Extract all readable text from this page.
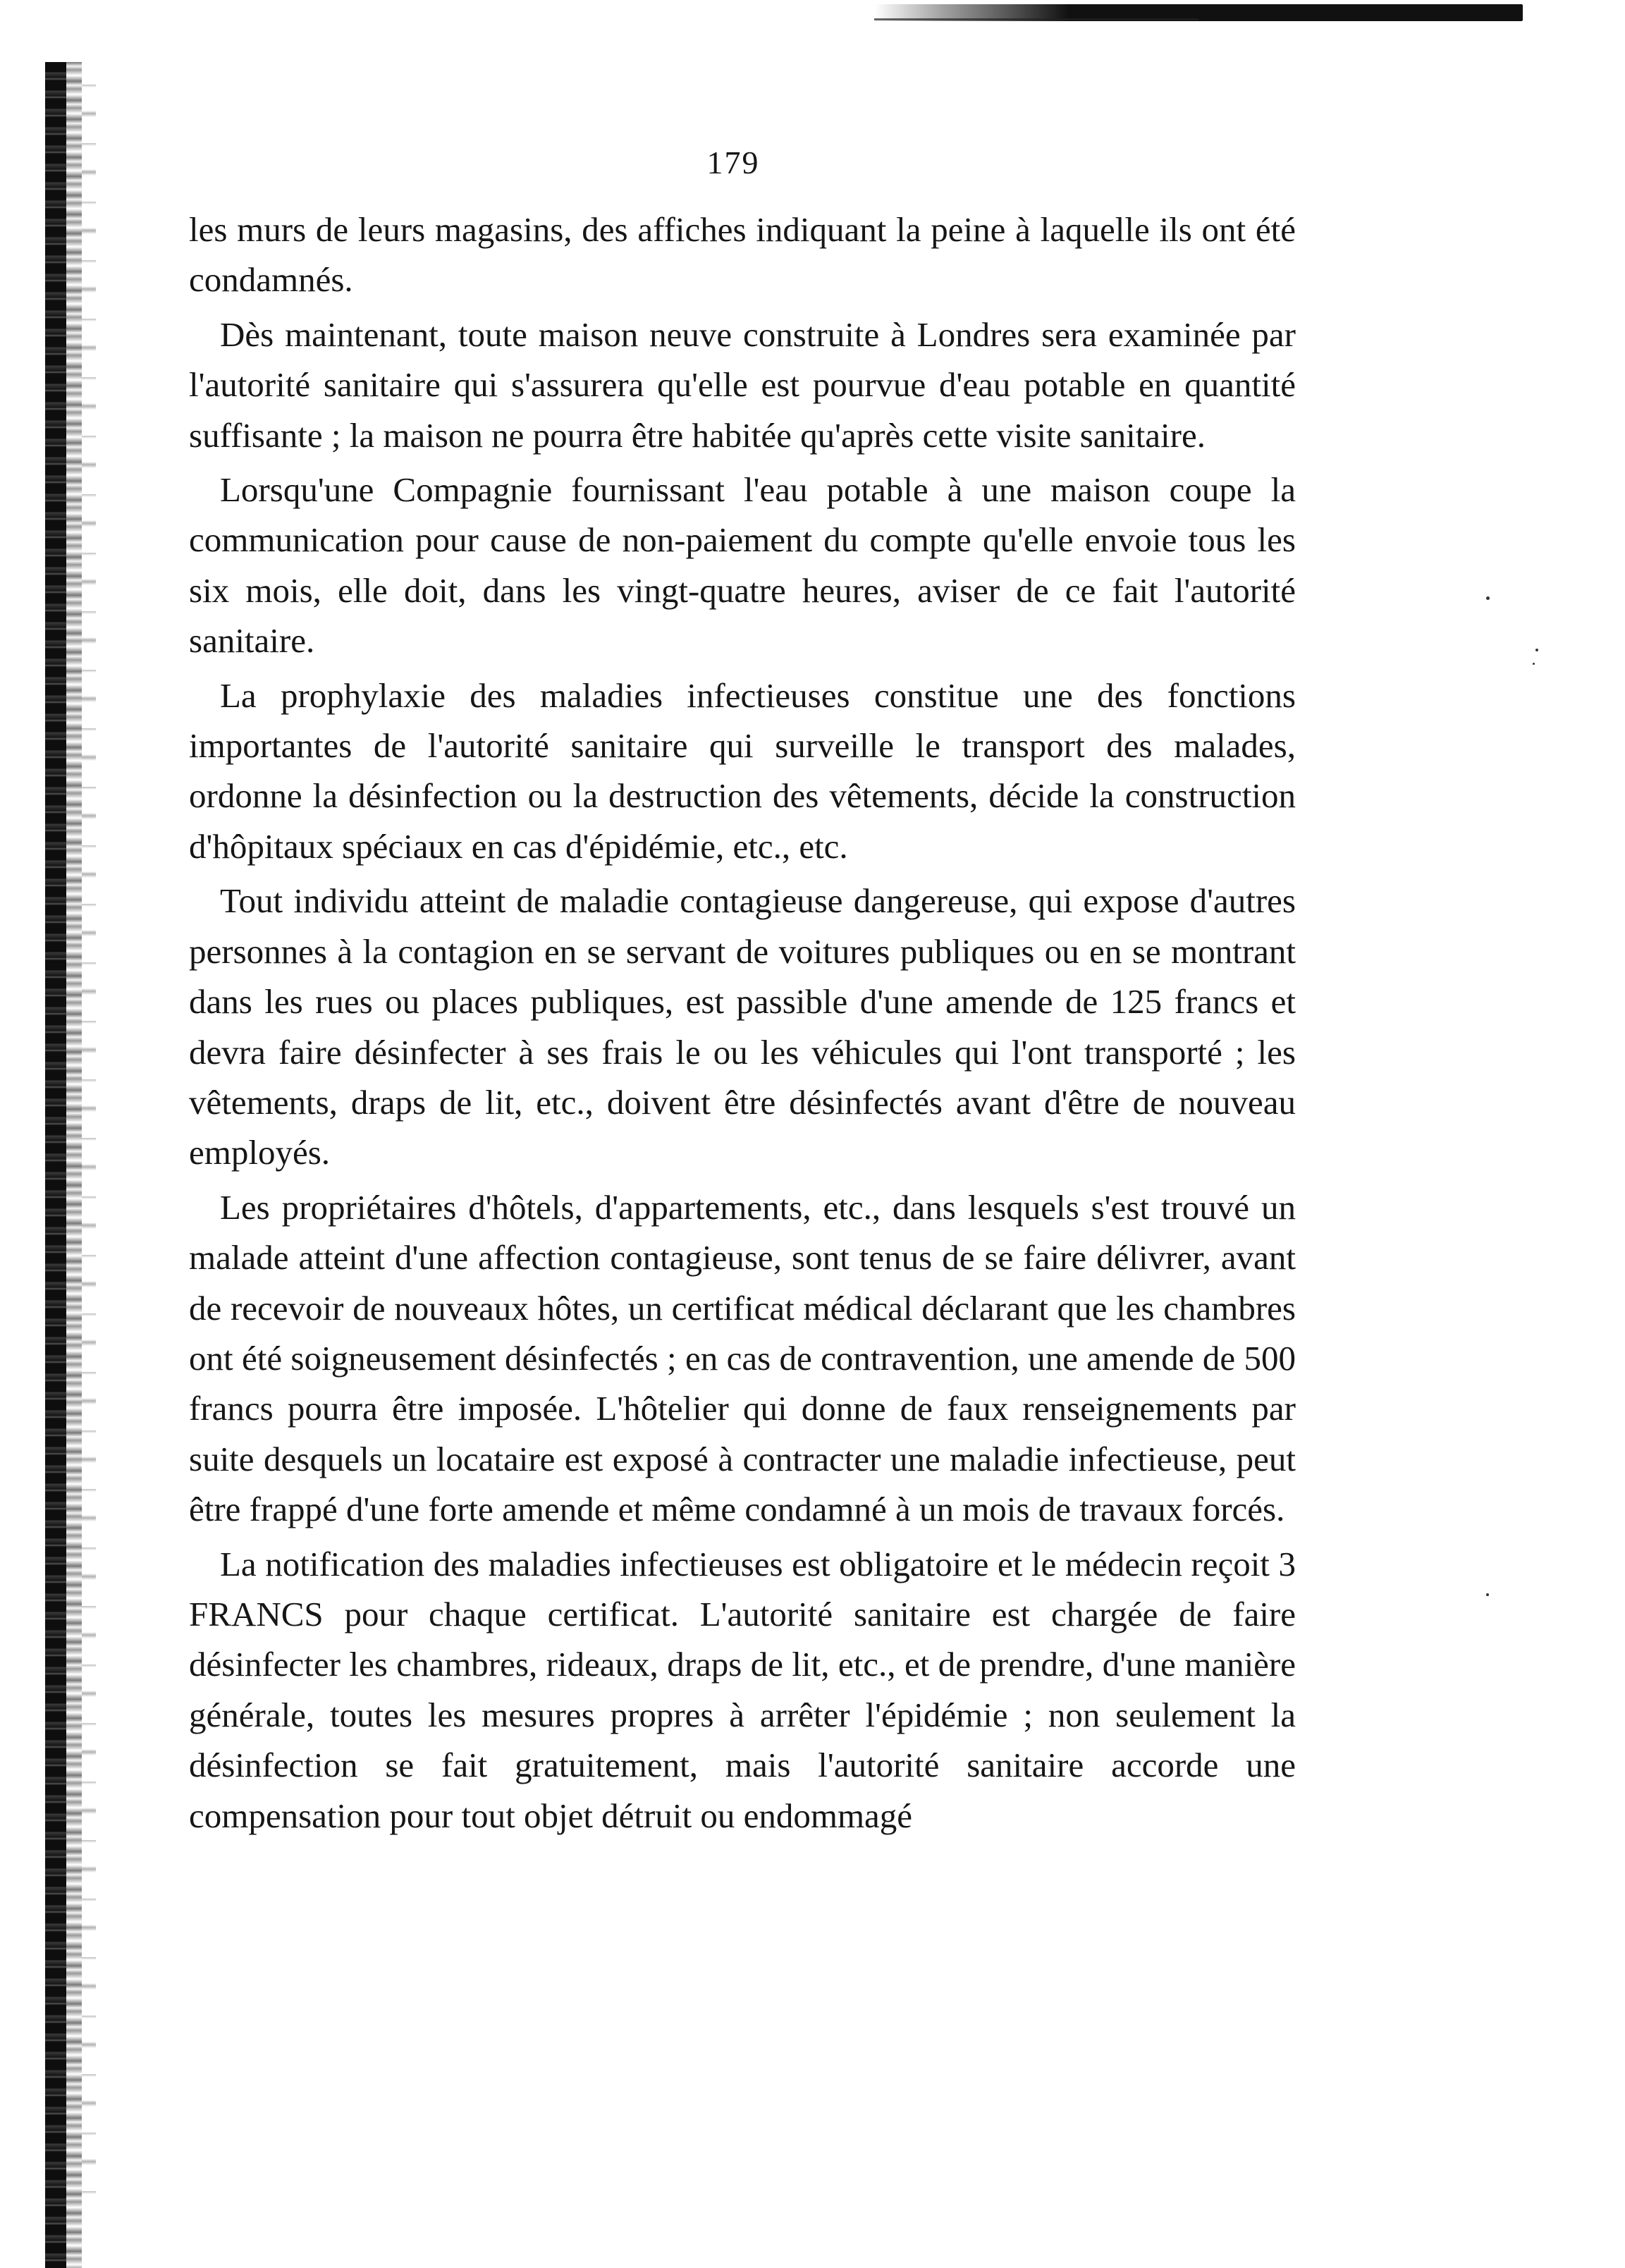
179

les murs de leurs magasins, des affiches indiquant la peine à laquelle ils ont été condamnés.

Dès maintenant, toute maison neuve construite à Londres sera examinée par l'autorité sanitaire qui s'assurera qu'elle est pourvue d'eau potable en quantité suffisante ; la maison ne pourra être habitée qu'après cette visite sanitaire.

Lorsqu'une Compagnie fournissant l'eau potable à une maison coupe la communication pour cause de non-paiement du compte qu'elle envoie tous les six mois, elle doit, dans les vingt-quatre heures, aviser de ce fait l'autorité sanitaire.

La prophylaxie des maladies infectieuses constitue une des fonctions importantes de l'autorité sanitaire qui surveille le transport des malades, ordonne la désinfection ou la destruction des vêtements, décide la construction d'hôpitaux spéciaux en cas d'épidémie, etc., etc.

Tout individu atteint de maladie contagieuse dangereuse, qui expose d'autres personnes à la contagion en se servant de voitures publiques ou en se montrant dans les rues ou places publiques, est passible d'une amende de 125 francs et devra faire désinfecter à ses frais le ou les véhicules qui l'ont transporté ; les vêtements, draps de lit, etc., doivent être désinfectés avant d'être de nouveau employés.

Les propriétaires d'hôtels, d'appartements, etc., dans lesquels s'est trouvé un malade atteint d'une affection contagieuse, sont tenus de se faire délivrer, avant de recevoir de nouveaux hôtes, un certificat médical déclarant que les chambres ont été soigneusement désinfectés ; en cas de contravention, une amende de 500 francs pourra être imposée. L'hôtelier qui donne de faux renseignements par suite desquels un locataire est exposé à contracter une maladie infectieuse, peut être frappé d'une forte amende et même condamné à un mois de travaux forcés.

La notification des maladies infectieuses est obligatoire et le médecin reçoit 3 FRANCS pour chaque certificat. L'autorité sanitaire est chargée de faire désinfecter les chambres, rideaux, draps de lit, etc., et de prendre, d'une manière générale, toutes les mesures propres à arrêter l'épidémie ; non seulement la désinfection se fait gratuitement, mais l'autorité sanitaire accorde une compensation pour tout objet détruit ou endommagé
